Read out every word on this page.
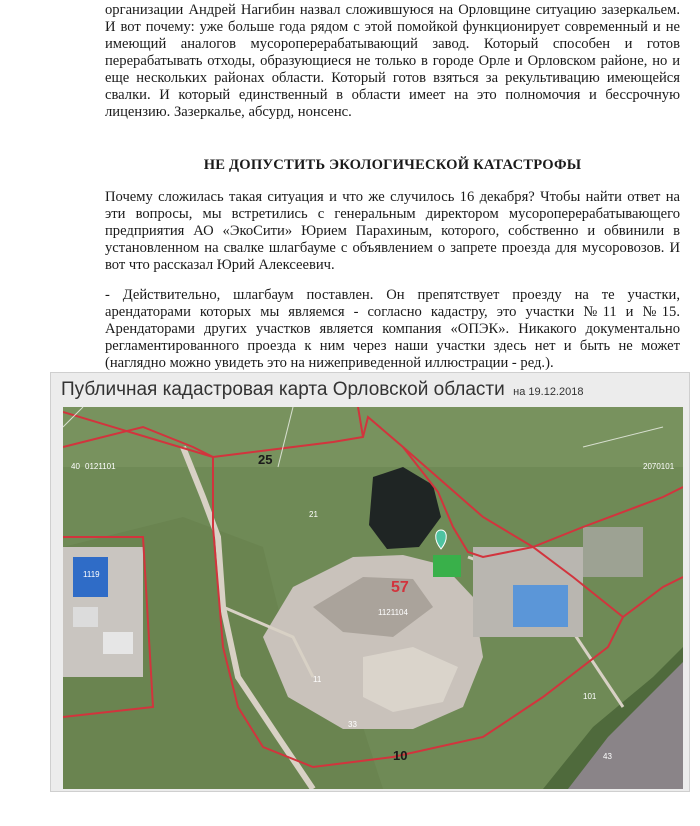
организации Андрей Нагибин назвал сложившуюся на Орловщине ситуацию зазеркальем. И вот почему: уже больше года рядом с этой помойкой функционирует современный и не имеющий аналогов мусороперерабатывающий завод. Который способен и готов перерабатывать отходы, образующиеся не только в городе Орле и Орловском районе, но и еще нескольких районах области. Который готов взяться за рекультивацию имеющейся свалки. И который единственный в области имеет на это полномочия и бессрочную лицензию. Зазеркалье, абсурд, нонсенс.

НЕ ДОПУСТИТЬ ЭКОЛОГИЧЕСКОЙ КАТАСТРОФЫ

Почему сложилась такая ситуация и что же случилось 16 декабря? Чтобы найти ответ на эти вопросы, мы встретились с генеральным директором мусороперерабатывающего предприятия АО «ЭкоСити» Юрием Парахиным, которого, собственно и обвинили в установленном на свалке шлагбауме с объявлением о запрете проезда для мусоровозов. И вот что рассказал Юрий Алексеевич.

- Действительно, шлагбаум поставлен. Он препятствует проезду на те участки, арендаторами которых мы являемся - согласно кадастру, это участки №11 и №15. Арендаторами других участков является компания «ОПЭК». Никакого документально регламентированного проезда к ним через наши участки здесь нет и быть не может (наглядно можно увидеть это на нижеприведенной иллюстрации - ред.).

Публичная кадастровая карта Орловской области на 19.12.2018
25
57
10
21
11
33
101
40
43
0121101	2070101
1121104
1119
